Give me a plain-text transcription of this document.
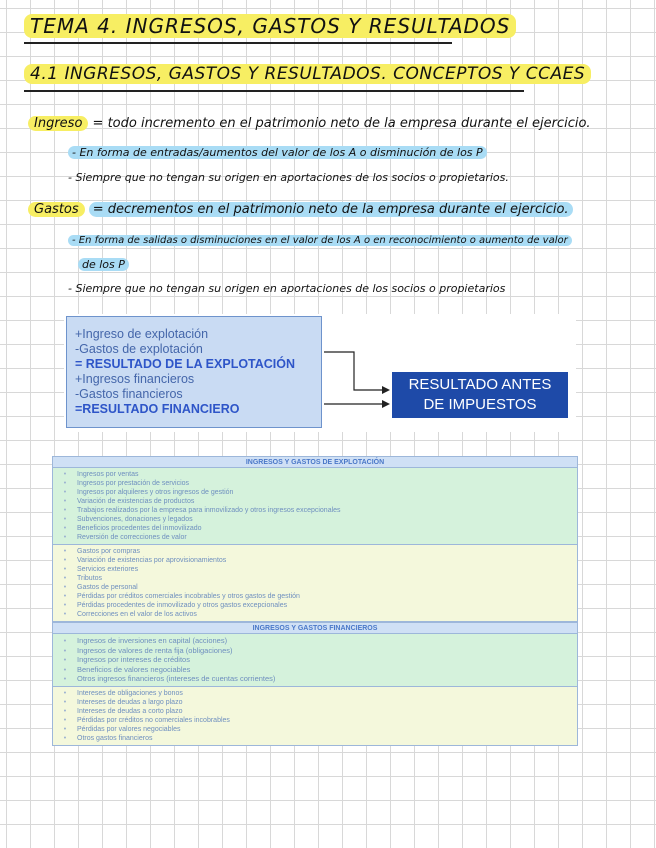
TEMA 4. INGRESOS, GASTOS Y RESULTADOS
4.1 INGRESOS, GASTOS Y RESULTADOS. CONCEPTOS Y CCAES
Ingreso = todo incremento en el patrimonio neto de la empresa durante el ejercicio.
- En forma de entradas/aumentos del valor de los A o disminución de los P
- Siempre que no tengan su origen en aportaciones de los socios o propietarios.
Gastos = decrementos en el patrimonio neto de la empresa durante el ejercicio.
- En forma de salidas o disminuciones en el valor de los A o en reconocimiento o aumento de valor
de los P
- Siempre que no tengan su origen en aportaciones de los socios o propietarios
+Ingreso de explotación
-Gastos de explotación
= RESULTADO DE LA EXPLOTACIÓN
+Ingresos financieros
-Gastos financieros
=RESULTADO FINANCIERO
RESULTADO ANTES
DE IMPUESTOS
INGRESOS Y GASTOS DE EXPLOTACIÓN
• Ingresos por ventas
• Ingresos por prestación de servicios
• Ingresos por alquileres y otros ingresos de gestión
• Variación de existencias de productos
• Trabajos realizados por la empresa para inmovilizado y otros ingresos excepcionales
• Subvenciones, donaciones y legados
• Beneficios procedentes del inmovilizado
• Reversión de correcciones de valor
• Gastos por compras
• Variación de existencias por aprovisionamientos
• Servicios exteriores
• Tributos
• Gastos de personal
• Pérdidas por créditos comerciales incobrables y otros gastos de gestión
• Pérdidas procedentes de inmovilizado y otros gastos excepcionales
• Correcciones en el valor de los activos
INGRESOS Y GASTOS FINANCIEROS
• Ingresos de inversiones en capital (acciones)
• Ingresos de valores de renta fija (obligaciones)
• Ingresos por intereses de créditos
• Beneficios de valores negociables
• Otros ingresos financieros (intereses de cuentas corrientes)
• Intereses de obligaciones y bonos
• Intereses de deudas a largo plazo
• Intereses de deudas a corto plazo
• Pérdidas por créditos no comerciales incobrables
• Pérdidas por valores negociables
• Otros gastos financieros
